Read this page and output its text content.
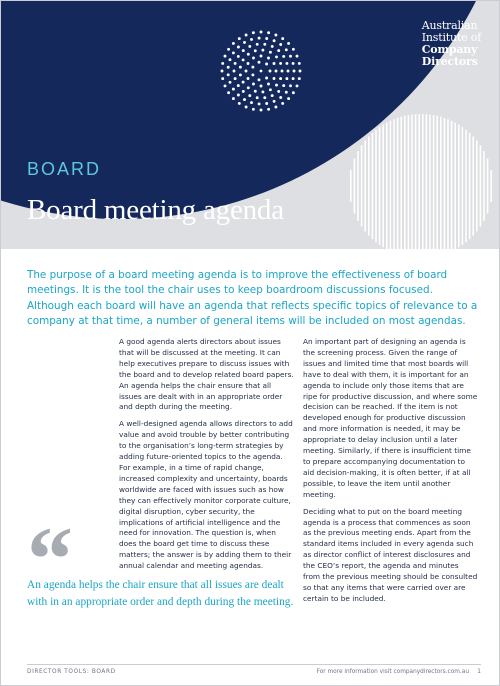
Australian
Institute of
Company
Directors
BOARD
Board meeting agenda

The purpose of a board meeting agenda is to improve the effectiveness of board meetings. It is the tool the chair uses to keep boardroom discussions focused.

Although each board will have an agenda that reflects specific topics of relevance to a company at that time, a number of general items will be included on most agendas.

A good agenda alerts directors about issues that will be discussed at the meeting. It can help executives prepare to discuss issues with the board and to develop related board papers. An agenda helps the chair ensure that all issues are dealt with in an appropriate order and depth during the meeting.

A well-designed agenda allows directors to add value and avoid trouble by better contributing to the organisation’s long-term strategies by adding future-oriented topics to the agenda. For example, in a time of rapid change, increased complexity and uncertainty, boards worldwide are faced with issues such as how they can effectively monitor corporate culture, digital disruption, cyber security, the implications of artificial intelligence and the need for innovation. The question is, when does the board get time to discuss these matters; the answer is by adding them to their annual calendar and meeting agendas.

An important part of designing an agenda is the screening process. Given the range of issues and limited time that most boards will have to deal with them, it is important for an agenda to include only those items that are ripe for productive discussion, and where some decision can be reached. If the item is not developed enough for productive discussion and more information is needed, it may be appropriate to delay inclusion until a later meeting. Similarly, if there is insufficient time to prepare accompanying documentation to aid decision-making, it is often better, if at all possible, to leave the item until another meeting.

Deciding what to put on the board meeting agenda is a process that commences as soon as the previous meeting ends. Apart from the standard items included in every agenda such as director conflict of interest disclosures and the CEO’s report, the agenda and minutes from the previous meeting should be consulted so that any items that were carried over are certain to be included.

“
An agenda helps the chair ensure that all issues are dealt with in an appropriate order and depth during the meeting.
DIRECTOR TOOLS: BOARD	For more information visit companydirectors.com.au 1
